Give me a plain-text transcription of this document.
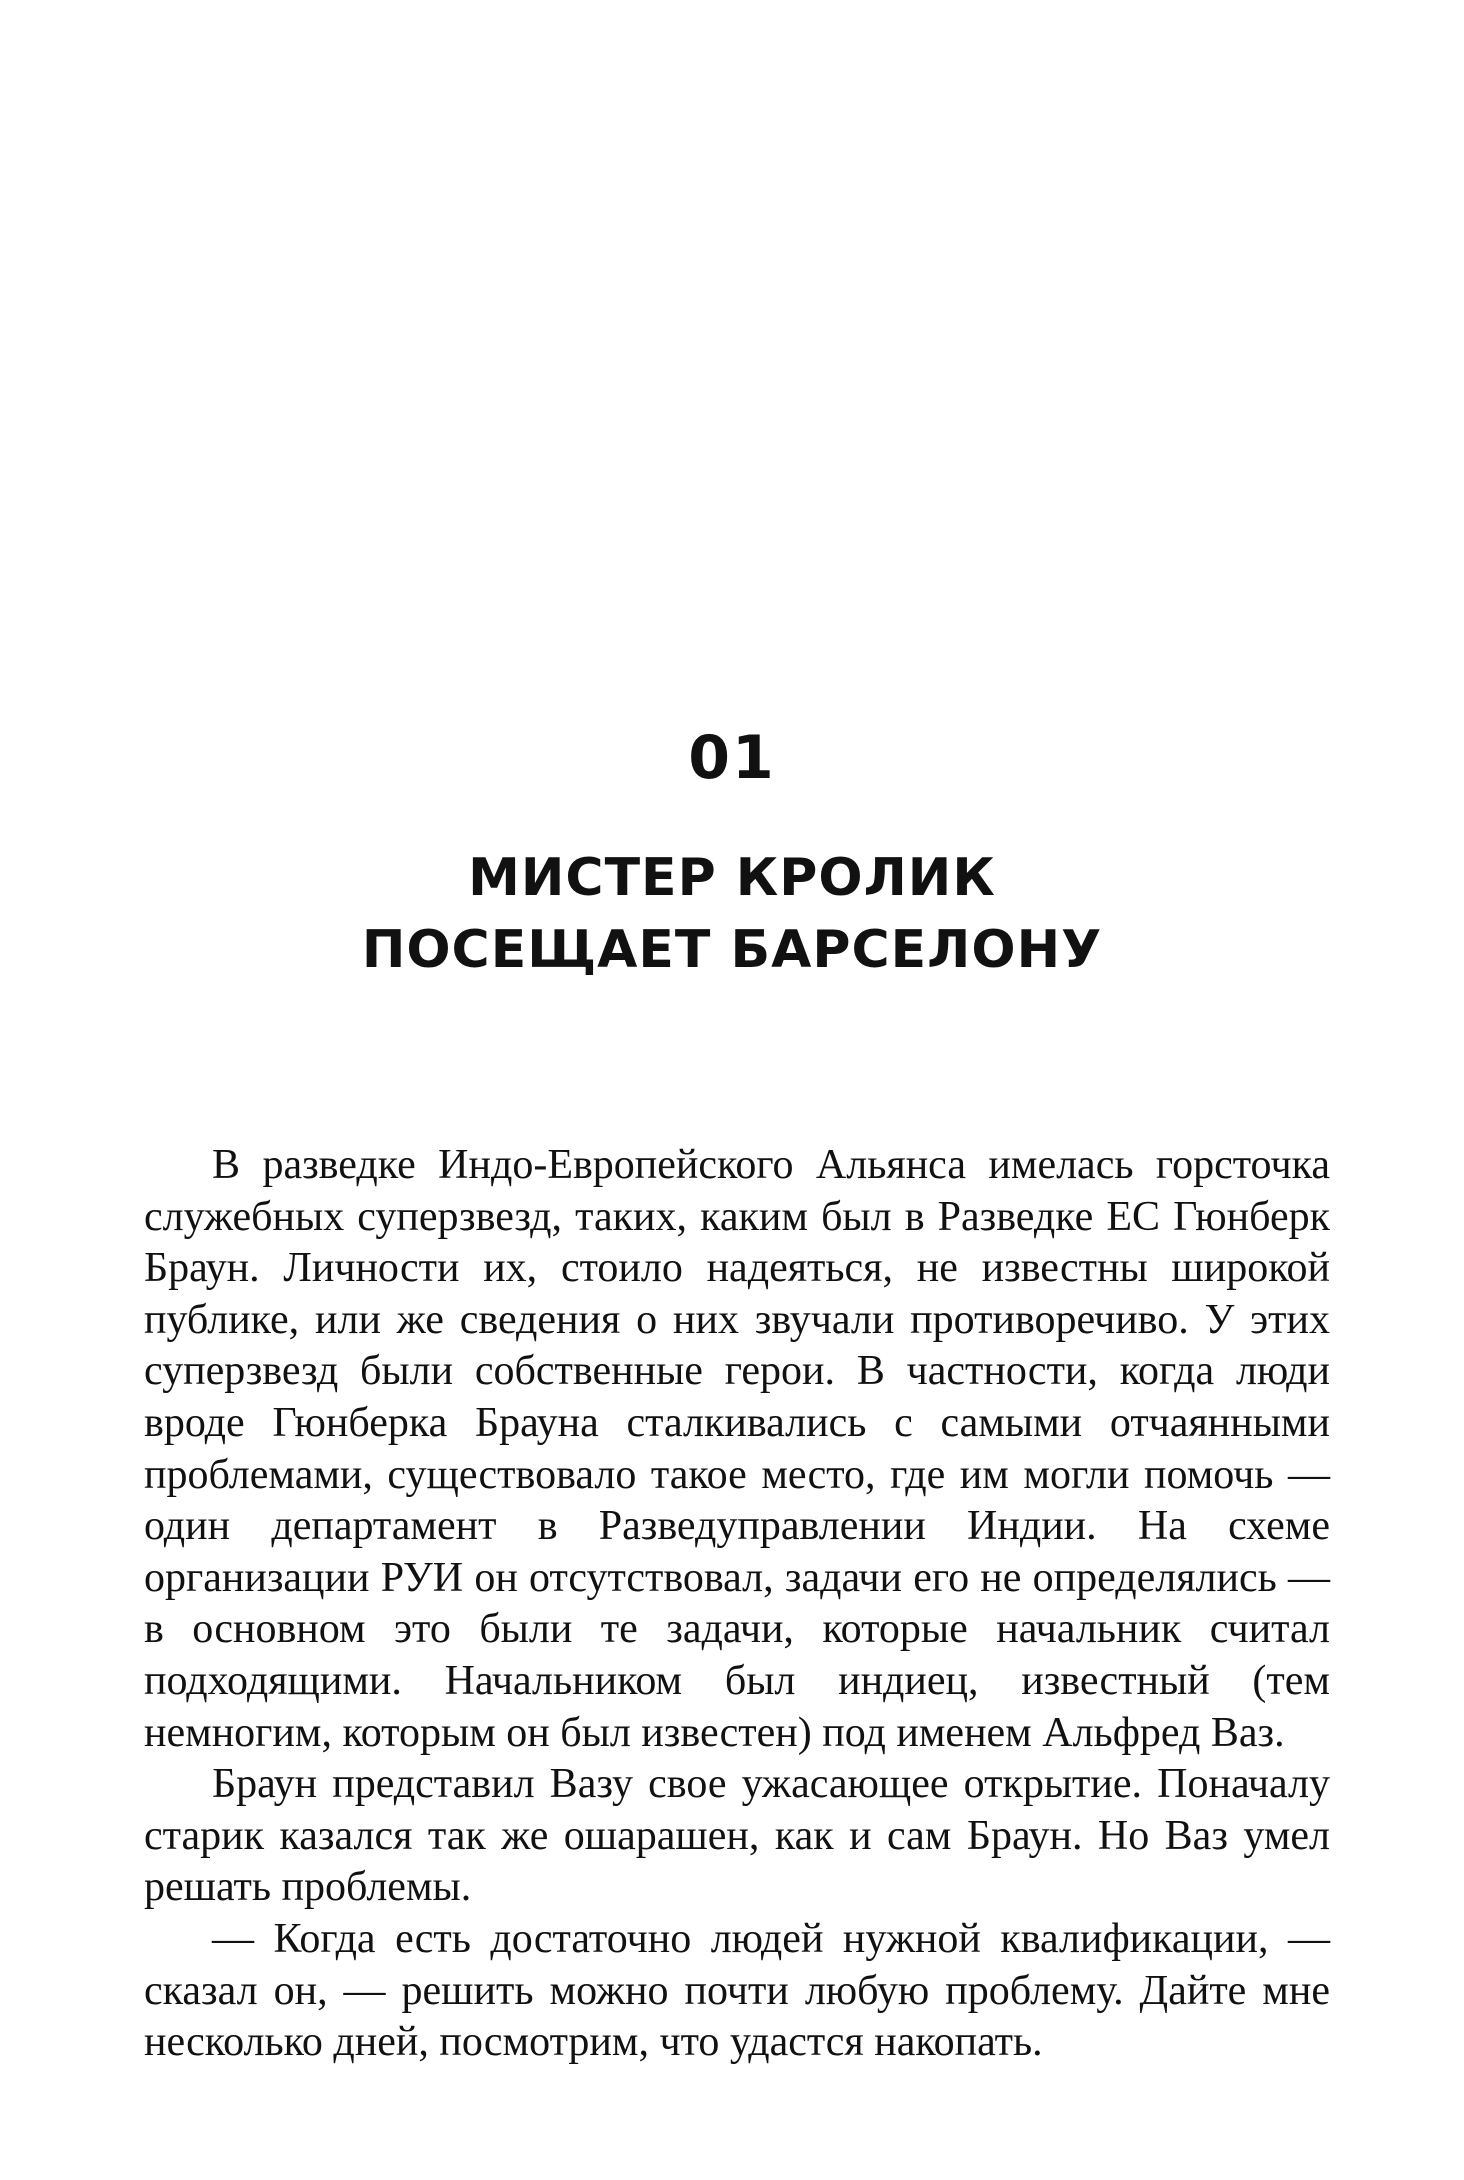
01
МИСТЕР КРОЛИК
ПОСЕЩАЕТ БАРСЕЛОНУ

В разведке Индо-Европейского Альянса имелась горсточка служебных суперзвезд, таких, каким был в Разведке ЕС Гюнберк Браун. Личности их, стоило надеяться, не известны широкой публике, или же сведения о них звучали противоречиво. У этих суперзвезд были собственные герои. В частности, когда люди вроде Гюнберка Брауна сталкивались с самыми отчаянными проблемами, существовало такое место, где им могли помочь — один департамент в Разведуправлении Индии. На схеме организации РУИ он отсутствовал, задачи его не определялись — в основном это были те задачи, которые начальник считал подходящими. Начальником был индиец, известный (тем немногим, которым он был известен) под именем Альфред Ваз.

Браун представил Вазу свое ужасающее открытие. Поначалу старик казался так же ошарашен, как и сам Браун. Но Ваз умел решать проблемы.

— Когда есть достаточно людей нужной квалификации, — сказал он, — решить можно почти любую проблему. Дайте мне несколько дней, посмотрим, что удастся накопать.
